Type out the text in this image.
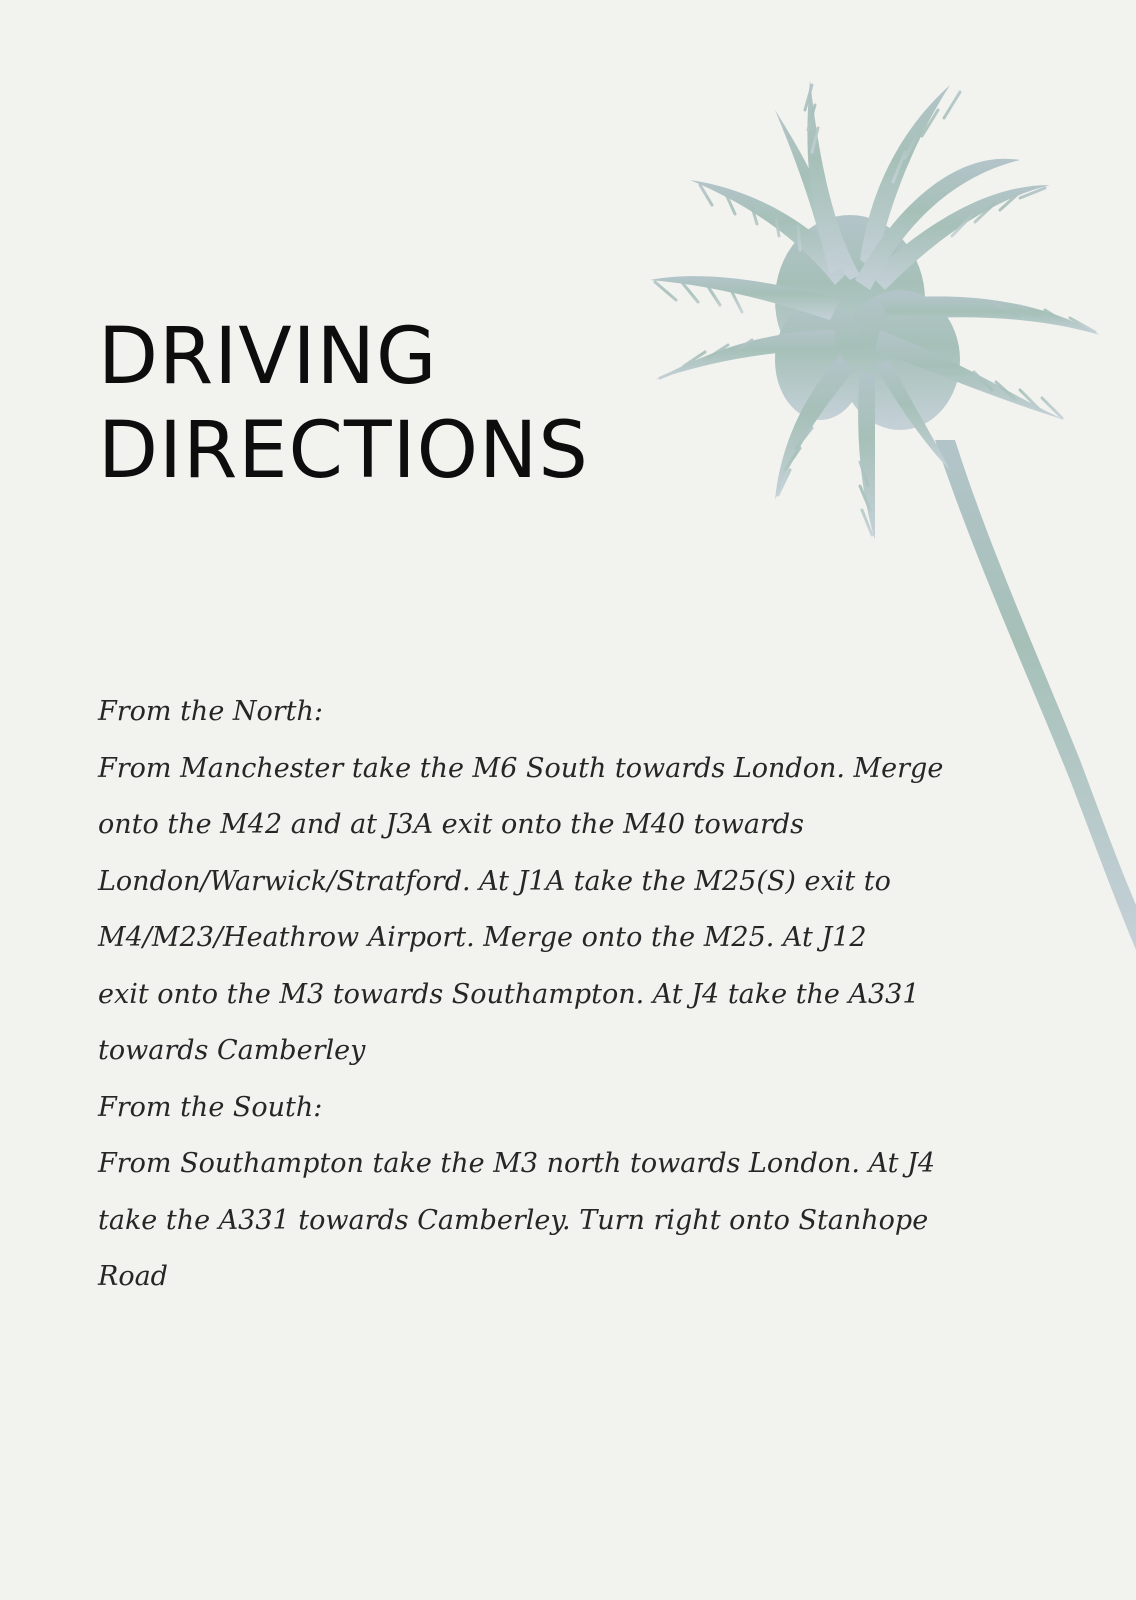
DRIVING
DIRECTIONS

From the North:
From Manchester take the M6 South towards London. Merge
onto the M42 and at J3A exit onto the M40 towards
London/Warwick/Stratford. At J1A take the M25(S) exit to
M4/M23/Heathrow Airport. Merge onto the M25. At J12
exit onto the M3 towards Southampton. At J4 take the A331
towards Camberley

From the South:
From Southampton take the M3 north towards London. At J4
take the A331 towards Camberley. Turn right onto Stanhope
Road
